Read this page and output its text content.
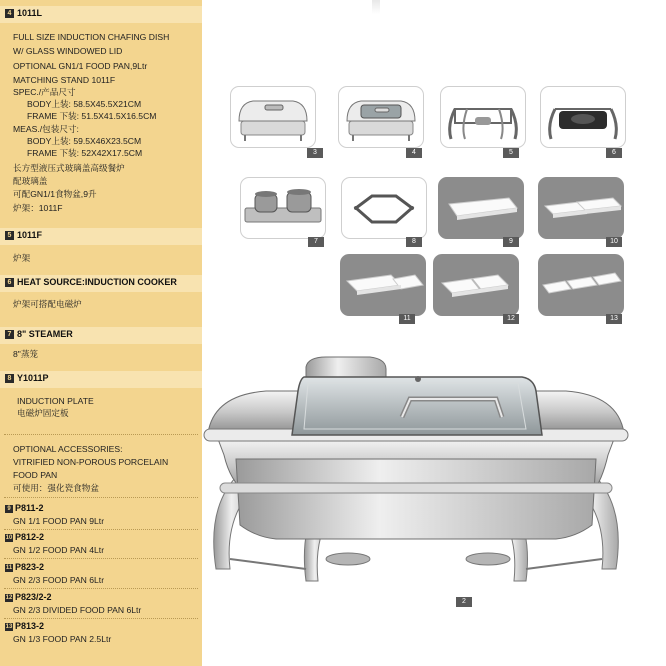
4 1011L
FULL SIZE INDUCTION CHAFING DISH
W/ GLASS WINDOWED LID
OPTIONAL GN1/1 FOOD PAN,9Ltr
MATCHING STAND 1011F
SPEC./产品尺寸
BODY上装: 58.5X45.5X21CM
FRAME 下装: 51.5X41.5X16.5CM
MEAS./包装尺寸:
BODY上装: 59.5X46X23.5CM
FRAME 下装: 52X42X17.5CM
长方型液压式玻璃盖高级餐炉
配玻璃盖
可配GN1/1食物盆,9升
炉架：1011F
5 1011F
炉架
6 HEAT SOURCE:INDUCTION COOKER
炉架可搭配电磁炉
7 8" STEAMER
8"蒸笼
8 Y1011P
INDUCTION PLATE
电磁炉固定板
OPTIONAL ACCESSORIES:
VITRIFIED NON-POROUS PORCELAIN
FOOD PAN
可使用：强化瓷食物盆
9 P811-2
GN 1/1 FOOD PAN 9Ltr
10 P812-2
GN 1/2 FOOD PAN 4Ltr
11 P823-2
GN 2/3 FOOD PAN 6Ltr
12 P823/2-2
GN 2/3 DIVIDED FOOD PAN 6Ltr
13 P813-2
GN 1/3 FOOD PAN 2.5Ltr
3	4	5	6
7	8	9	10
11	12	13
2
